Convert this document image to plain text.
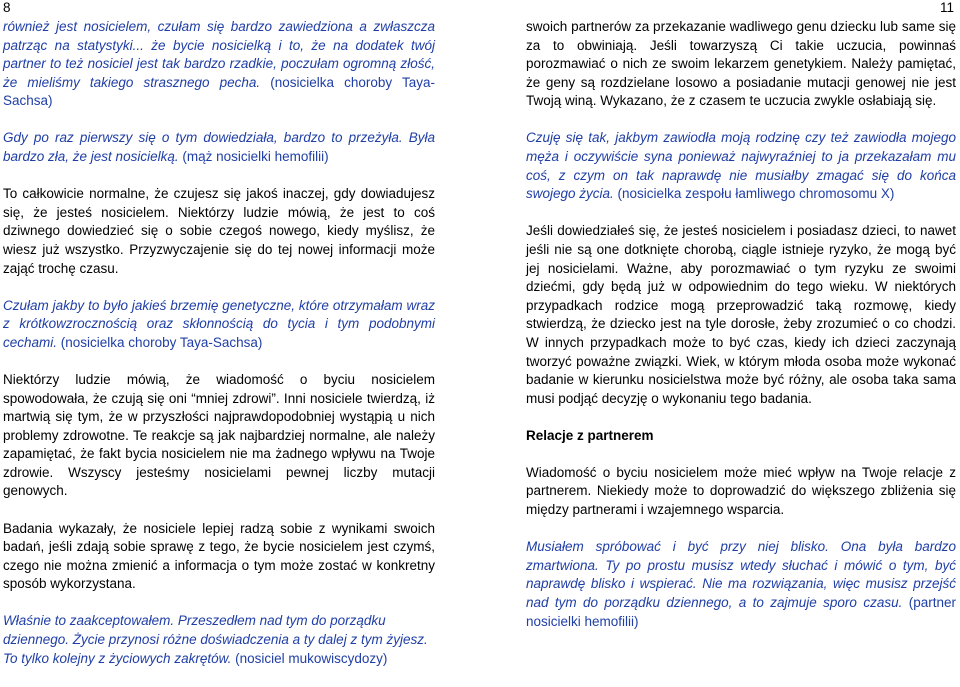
8

również jest nosicielem, czułam się bardzo zawiedziona a zwłaszcza patrząc na statystyki... że bycie nosicielką i to, że na dodatek twój partner to też nosiciel jest tak bardzo rzadkie, poczułam ogromną złość, że mieliśmy takiego strasznego pecha. (nosicielka choroby Taya-Sachsa)

Gdy po raz pierwszy się o tym dowiedziała, bardzo to przeżyła. Była bardzo zła, że jest nosicielką. (mąż nosicielki hemofilii)

To całkowicie normalne, że czujesz się jakoś inaczej, gdy dowiadujesz się, że jesteś nosicielem. Niektórzy ludzie mówią, że jest to coś dziwnego dowiedzieć się o sobie czegoś nowego, kiedy myślisz, że wiesz już wszystko. Przyzwyczajenie się do tej nowej informacji może zająć trochę czasu.

Czułam jakby to było jakieś brzemię genetyczne, które otrzymałam wraz z krótkowzrocznością oraz skłonnością do tycia i tym podobnymi cechami. (nosicielka choroby Taya-Sachsa)

Niektórzy ludzie mówią, że wiadomość o byciu nosicielem spowodowała, że czują się oni “mniej zdrowi”. Inni nosiciele twierdzą, iż martwią się tym, że w przyszłości najprawdopodobniej wystąpią u nich problemy zdrowotne. Te reakcje są jak najbardziej normalne, ale należy zapamiętać, że fakt bycia nosicielem nie ma żadnego wpływu na Twoje zdrowie. Wszyscy jesteśmy nosicielami pewnej liczby mutacji genowych.

Badania wykazały, że nosiciele lepiej radzą sobie z wynikami swoich badań, jeśli zdają sobie sprawę z tego, że bycie nosicielem jest czymś, czego nie można zmienić a informacja o tym może zostać w konkretny sposób wykorzystana.

Właśnie to zaakceptowałem. Przeszedłem nad tym do porządku dziennego. Życie przynosi różne doświadczenia a ty dalej z tym żyjesz. To tylko kolejny z życiowych zakrętów. (nosiciel mukowiscydozy)

11

swoich partnerów za przekazanie wadliwego genu dziecku lub same się za to obwiniają. Jeśli towarzyszą Ci takie uczucia, powinnaś porozmawiać o nich ze swoim lekarzem genetykiem. Należy pamiętać, że geny są rozdzielane losowo a posiadanie mutacji genowej nie jest Twoją winą. Wykazano, że z czasem te uczucia zwykle osłabiają się.

Czuję się tak, jakbym zawiodła moją rodzinę czy też zawiodła mojego męża i oczywiście syna ponieważ najwyraźniej to ja przekazałam mu coś, z czym on tak naprawdę nie musiałby zmagać się do końca swojego życia. (nosicielka zespołu łamliwego chromosomu X)

Jeśli dowiedziałeś się, że jesteś nosicielem i posiadasz dzieci, to nawet jeśli nie są one dotknięte chorobą, ciągle istnieje ryzyko, że mogą być jej nosicielami. Ważne, aby porozmawiać o tym ryzyku ze swoimi dziećmi, gdy będą już w odpowiednim do tego wieku. W niektórych przypadkach rodzice mogą przeprowadzić taką rozmowę, kiedy stwierdzą, że dziecko jest na tyle dorosłe, żeby zrozumieć o co chodzi. W innych przypadkach może to być czas, kiedy ich dzieci zaczynają tworzyć poważne związki. Wiek, w którym młoda osoba może wykonać badanie w kierunku nosicielstwa może być różny, ale osoba taka sama musi podjąć decyzję o wykonaniu tego badania.

Relacje z partnerem

Wiadomość o byciu nosicielem może mieć wpływ na Twoje relacje z partnerem. Niekiedy może to doprowadzić do większego zbliżenia się między partnerami i wzajemnego wsparcia.

Musiałem spróbować i być przy niej blisko. Ona była bardzo zmartwiona. Ty po prostu musisz wtedy słuchać i mówić o tym, być naprawdę blisko i wspierać. Nie ma rozwiązania, więc musisz przejść nad tym do porządku dziennego, a to zajmuje sporo czasu. (partner nosicielki hemofilii)
